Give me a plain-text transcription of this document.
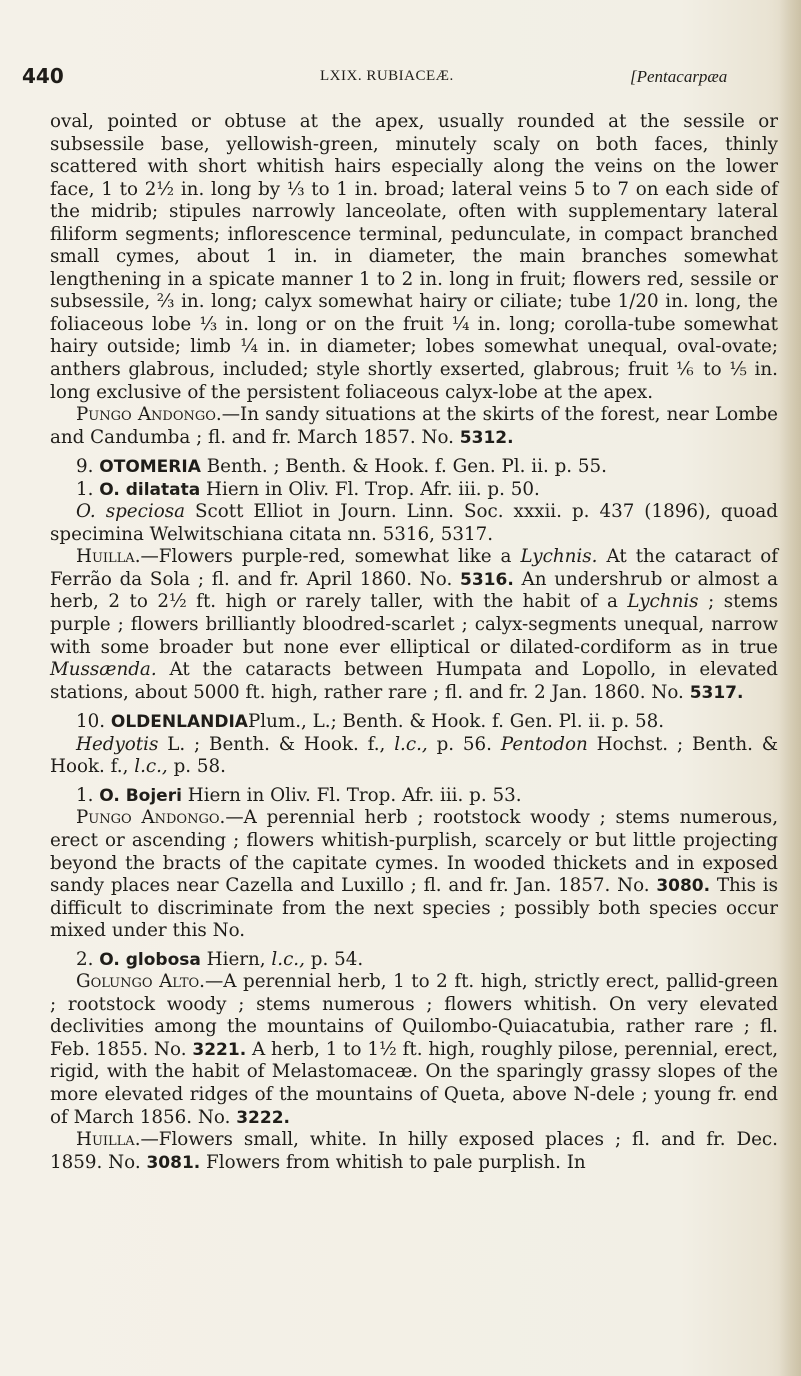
440	LXIX. RUBIACEÆ.	[Pentacarpæa

oval, pointed or obtuse at the apex, usually rounded at the sessile or subsessile base, yellowish-green, minutely scaly on both faces, thinly scattered with short whitish hairs especially along the veins on the lower face, 1 to 2½ in. long by ⅓ to 1 in. broad; lateral veins 5 to 7 on each side of the midrib; stipules narrowly lanceolate, often with supplementary lateral filiform segments; inflorescence terminal, pedunculate, in compact branched small cymes, about 1 in. in diameter, the main branches somewhat lengthening in a spicate manner 1 to 2 in. long in fruit; flowers red, sessile or subsessile, ⅔ in. long; calyx somewhat hairy or ciliate; tube 1/20 in. long, the foliaceous lobe ⅓ in. long or on the fruit ¼ in. long; corolla-tube somewhat hairy outside; limb ¼ in. in diameter; lobes somewhat unequal, oval-ovate; anthers glabrous, included; style shortly exserted, glabrous; fruit ⅙ to ⅕ in. long exclusive of the persistent foliaceous calyx-lobe at the apex.

Pungo Andongo.—In sandy situations at the skirts of the forest, near Lombe and Candumba ; fl. and fr. March 1857. No. 5312.

9. OTOMERIA Benth. ; Benth. & Hook. f. Gen. Pl. ii. p. 55.

1. O. dilatata Hiern in Oliv. Fl. Trop. Afr. iii. p. 50.

O. speciosa Scott Elliot in Journ. Linn. Soc. xxxii. p. 437 (1896), quoad specimina Welwitschiana citata nn. 5316, 5317.

Huilla.—Flowers purple-red, somewhat like a Lychnis. At the cataract of Ferrão da Sola ; fl. and fr. April 1860. No. 5316. An undershrub or almost a herb, 2 to 2½ ft. high or rarely taller, with the habit of a Lychnis ; stems purple ; flowers brilliantly bloodred-scarlet ; calyx-segments unequal, narrow with some broader but none ever elliptical or dilated-cordiform as in true Mussænda. At the cataracts between Humpata and Lopollo, in elevated stations, about 5000 ft. high, rather rare ; fl. and fr. 2 Jan. 1860. No. 5317.

10. OLDENLANDIAPlum., L.; Benth. & Hook. f. Gen. Pl. ii. p. 58.

Hedyotis L. ; Benth. & Hook. f., l.c., p. 56. Pentodon Hochst. ; Benth. & Hook. f., l.c., p. 58.

1. O. Bojeri Hiern in Oliv. Fl. Trop. Afr. iii. p. 53.

Pungo Andongo.—A perennial herb ; rootstock woody ; stems numerous, erect or ascending ; flowers whitish-purplish, scarcely or but little projecting beyond the bracts of the capitate cymes. In wooded thickets and in exposed sandy places near Cazella and Luxillo ; fl. and fr. Jan. 1857. No. 3080. This is difficult to discriminate from the next species ; possibly both species occur mixed under this No.

2. O. globosa Hiern, l.c., p. 54.

Golungo Alto.—A perennial herb, 1 to 2 ft. high, strictly erect, pallid-green ; rootstock woody ; stems numerous ; flowers whitish. On very elevated declivities among the mountains of Quilombo-Quiacatubia, rather rare ; fl. Feb. 1855. No. 3221. A herb, 1 to 1½ ft. high, roughly pilose, perennial, erect, rigid, with the habit of Melastomaceæ. On the sparingly grassy slopes of the more elevated ridges of the mountains of Queta, above N-dele ; young fr. end of March 1856. No. 3222.

Huilla.—Flowers small, white. In hilly exposed places ; fl. and fr. Dec. 1859. No. 3081. Flowers from whitish to pale purplish. In
